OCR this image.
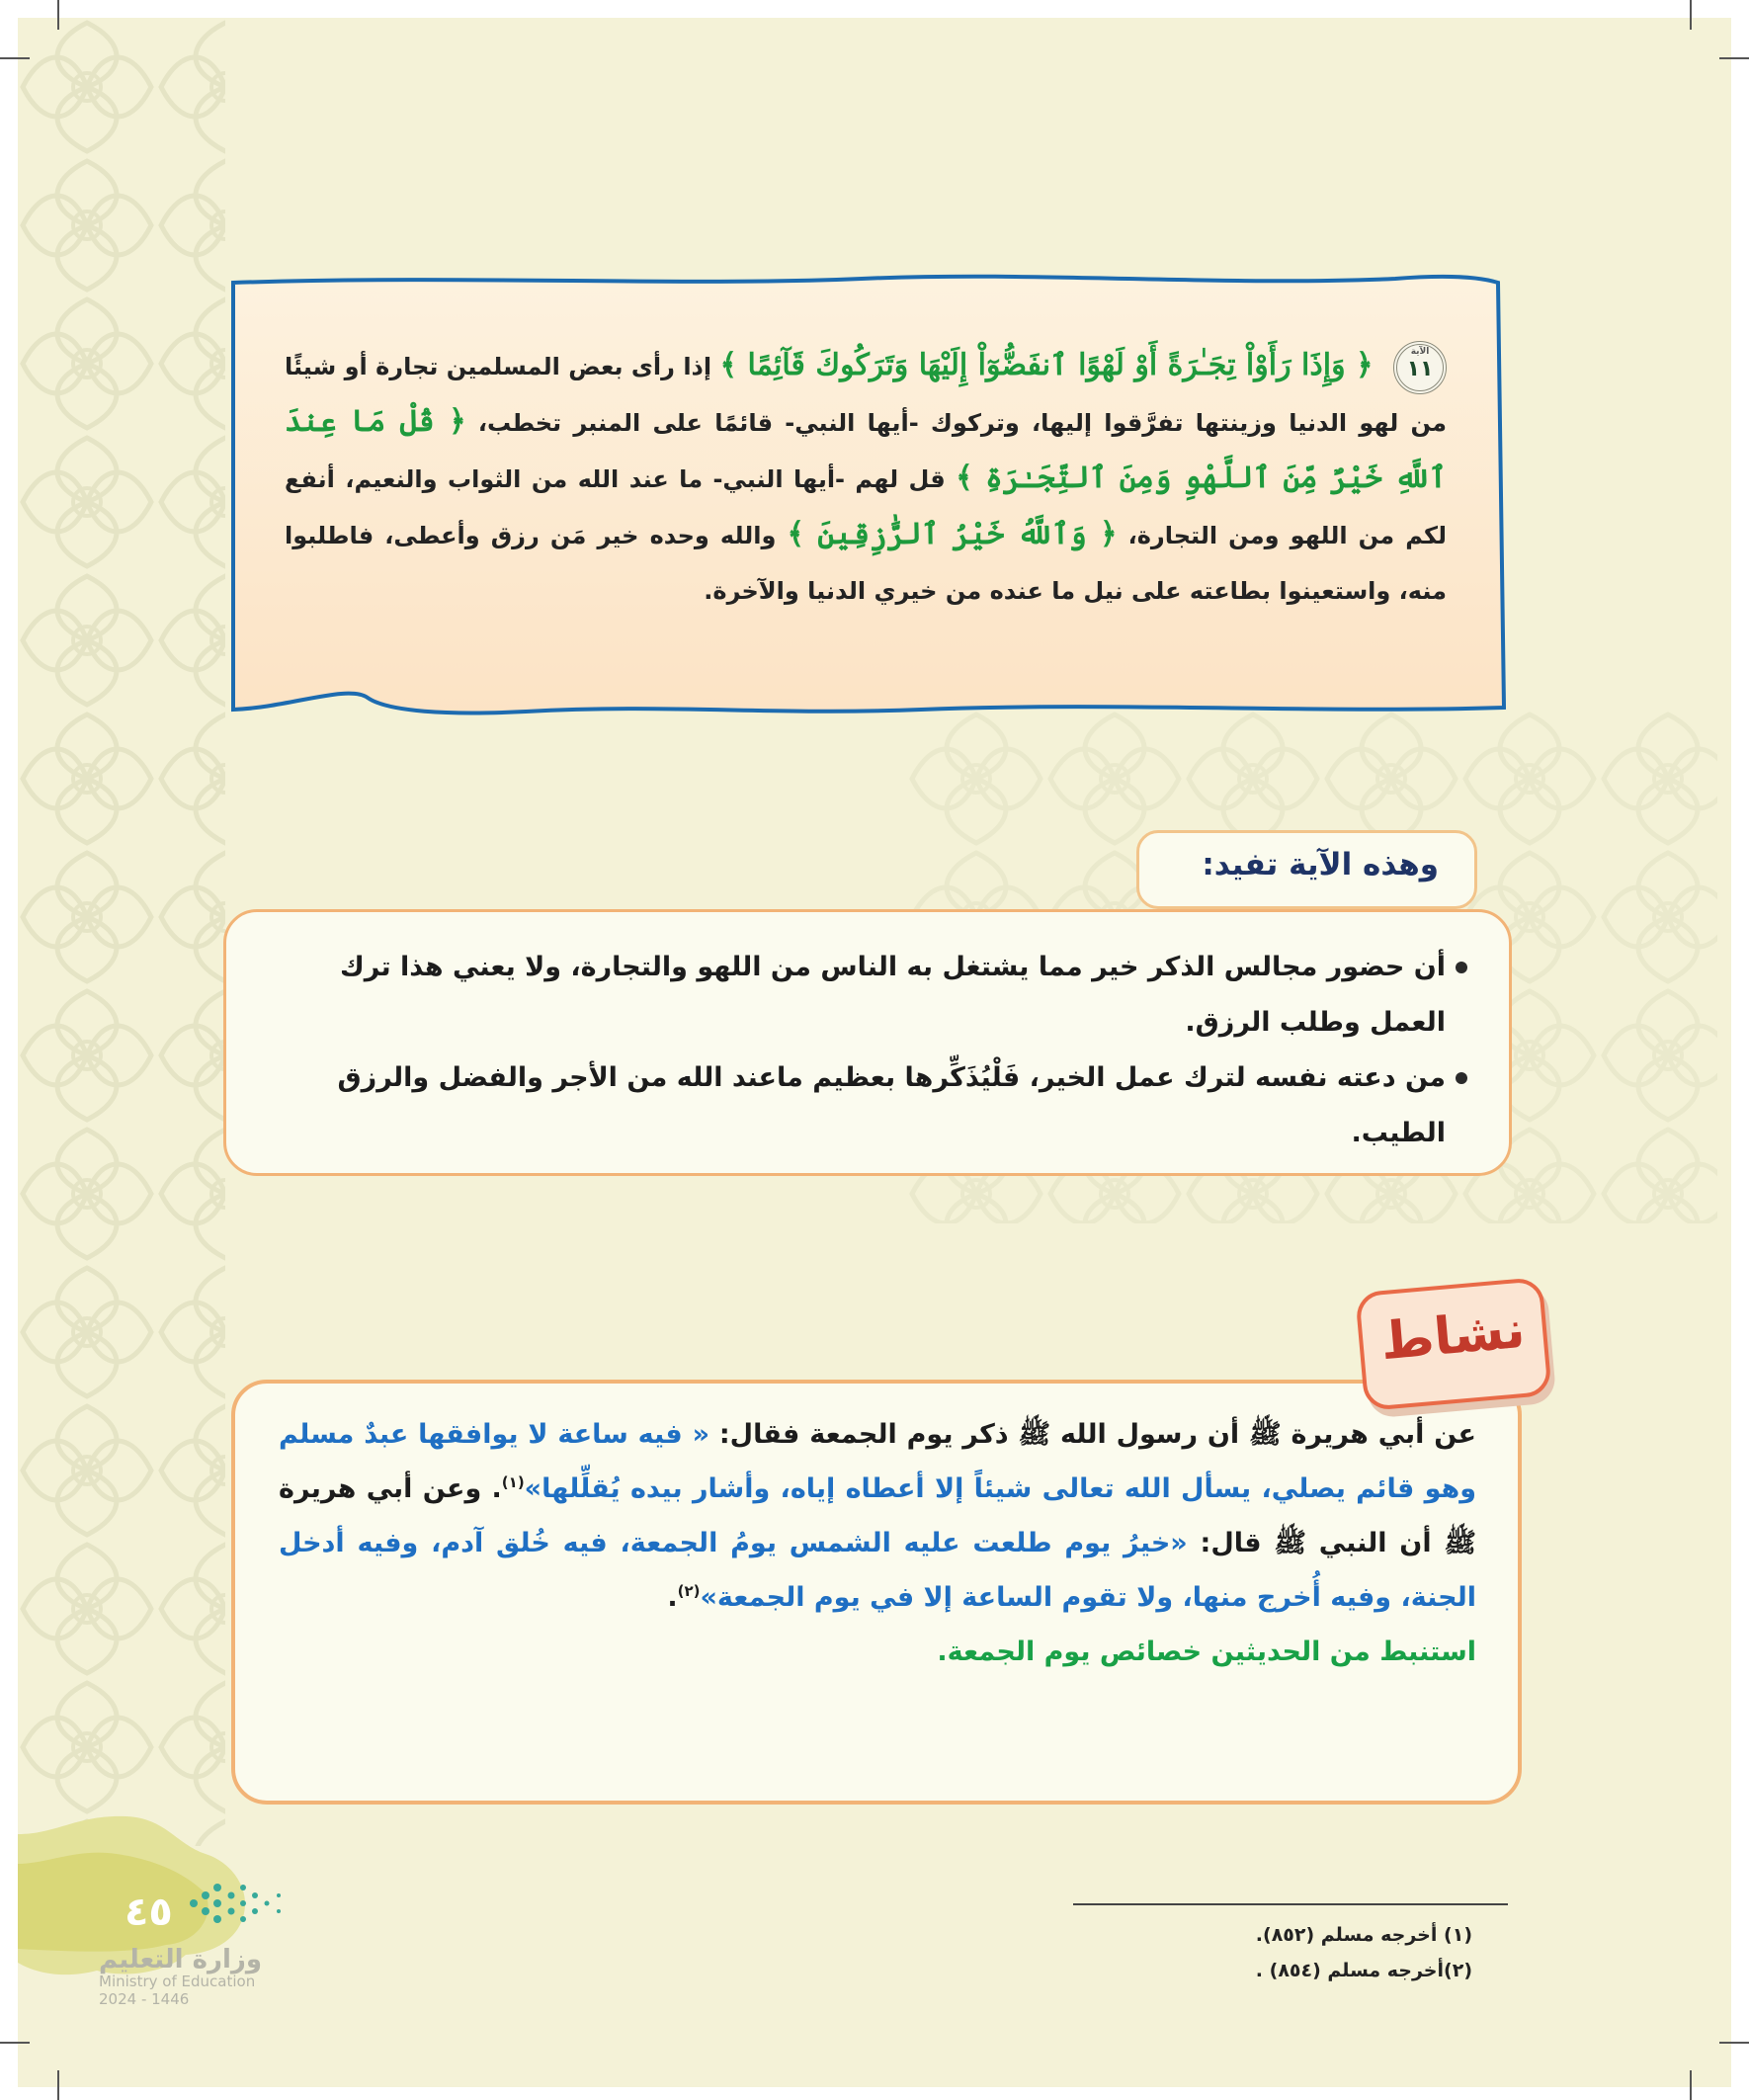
الآية
١١ ﴿ وَإِذَا رَأَوْاْ تِجَـٰرَةً أَوْ لَهْوًا ٱنفَضُّوٓاْ إِلَيْهَا وَتَرَكُوكَ قَآئِمًا ﴾ إذا رأى بعض المسلمين تجارة أو شيئًا من لهو الدنيا وزينتها تفرَّقوا إليها، وتركوك -أيها النبي- قائمًا على المنبر تخطب، ﴿ قُلْ مَا عِندَ ٱللَّهِ خَيْرٌ مِّنَ ٱللَّهْوِ وَمِنَ ٱلتِّجَـٰرَةِ ﴾ قل لهم -أيها النبي- ما عند الله من الثواب والنعيم، أنفع لكم من اللهو ومن التجارة، ﴿ وَٱللَّهُ خَيْرُ ٱلرَّٰزِقِينَ ﴾ والله وحده خير مَن رزق وأعطى، فاطلبوا منه، واستعينوا بطاعته على نيل ما عنده من خيري الدنيا والآخرة.
وهذه الآية تفيد:
أن حضور مجالس الذكر خير مما يشتغل به الناس من اللهو والتجارة، ولا يعني هذا ترك العمل وطلب الرزق.
من دعته نفسه لترك عمل الخير، فَلْيُذَكِّرها بعظيم ماعند الله من الأجر والفضل والرزق الطيب.
عن أبي هريرة ﷺ أن رسول الله ﷺ ذكر يوم الجمعة فقال: « فيه ساعة لا يوافقها عبدٌ مسلم وهو قائم يصلي، يسأل الله تعالى شيئاً إلا أعطاه إياه، وأشار بيده يُقلِّلها»$^{(١)}$. وعن أبي هريرة ﷺ أن النبي ﷺ قال: «خيرُ يوم طلعت عليه الشمس يومُ الجمعة، فيه خُلق آدم، وفيه أدخل الجنة، وفيه أُخرج منها، ولا تقوم الساعة إلا في يوم الجمعة»$^{(٢)}$.
استنبط من الحديثين خصائص يوم الجمعة.
نشاط
٤٥
وزارة التعليم
Ministry of Education
2024 - 1446
(١) أخرجه مسلم (٨٥٢).
(٢)أخرجه مسلم (٨٥٤) .
